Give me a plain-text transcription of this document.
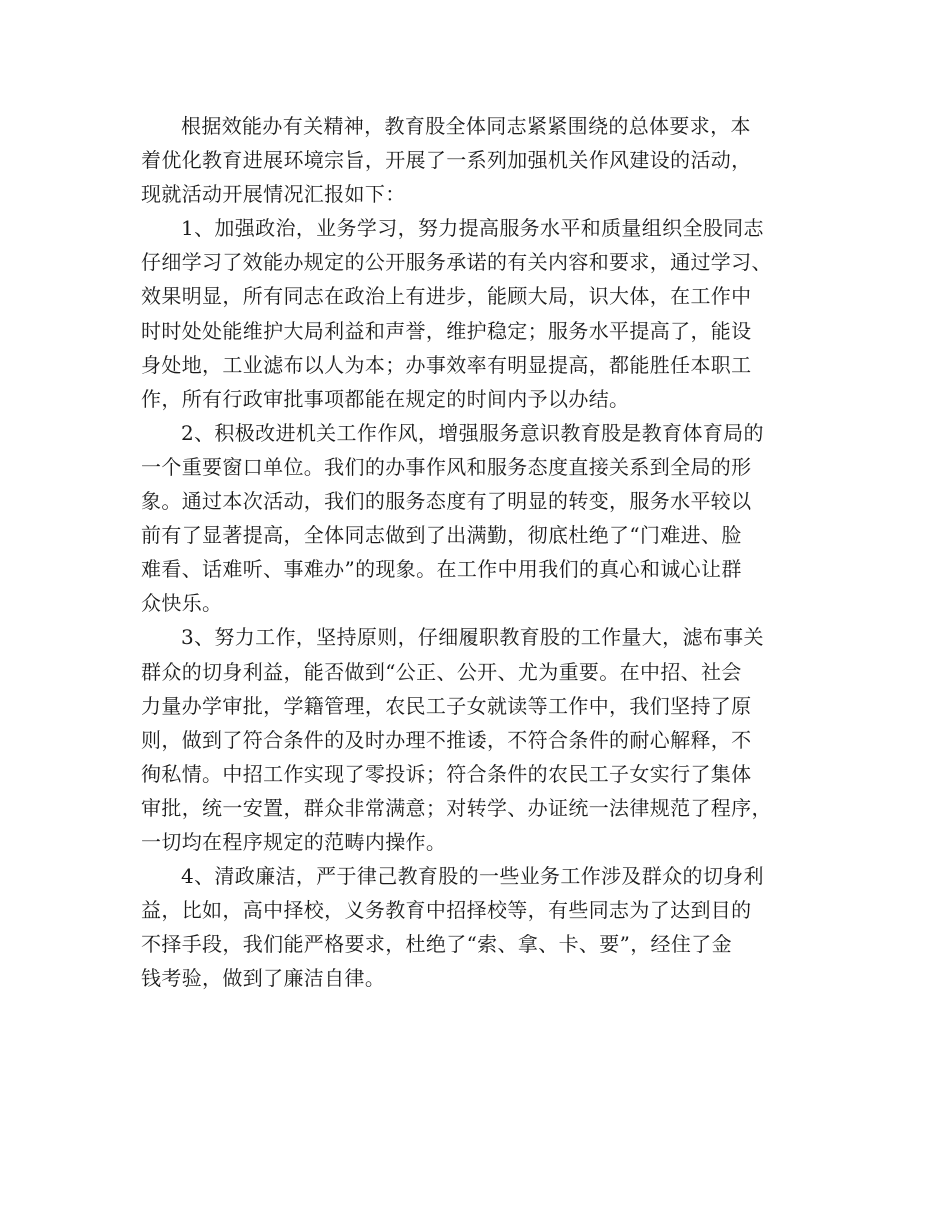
根据效能办有关精神，教育股全体同志紧紧围绕的总体要求，本
着优化教育进展环境宗旨，开展了一系列加强机关作风建设的活动，
现就活动开展情况汇报如下：

1、加强政治，业务学习，努力提高服务水平和质量组织全股同志
仔细学习了效能办规定的公开服务承诺的有关内容和要求，通过学习、
效果明显，所有同志在政治上有进步，能顾大局，识大体，在工作中
时时处处能维护大局利益和声誉，维护稳定；服务水平提高了，能设
身处地，工业滤布以人为本；办事效率有明显提高，都能胜任本职工
作，所有行政审批事项都能在规定的时间内予以办结。

2、积极改进机关工作作风，增强服务意识教育股是教育体育局的
一个重要窗口单位。我们的办事作风和服务态度直接关系到全局的形
象。通过本次活动，我们的服务态度有了明显的转变，服务水平较以
前有了显著提高，全体同志做到了出满勤，彻底杜绝了“门难进、脸
难看、话难听、事难办”的现象。在工作中用我们的真心和诚心让群
众快乐。

3、努力工作，坚持原则，仔细履职教育股的工作量大，滤布事关
群众的切身利益，能否做到“公正、公开、尤为重要。在中招、社会
力量办学审批，学籍管理，农民工子女就读等工作中，我们坚持了原
则，做到了符合条件的及时办理不推诿，不符合条件的耐心解释，不
徇私情。中招工作实现了零投诉；符合条件的农民工子女实行了集体
审批，统一安置，群众非常满意；对转学、办证统一法律规范了程序，
一切均在程序规定的范畴内操作。

4、清政廉洁，严于律己教育股的一些业务工作涉及群众的切身利
益，比如，高中择校，义务教育中招择校等，有些同志为了达到目的
不择手段，我们能严格要求，杜绝了“索、拿、卡、要”，经住了金
钱考验，做到了廉洁自律。
